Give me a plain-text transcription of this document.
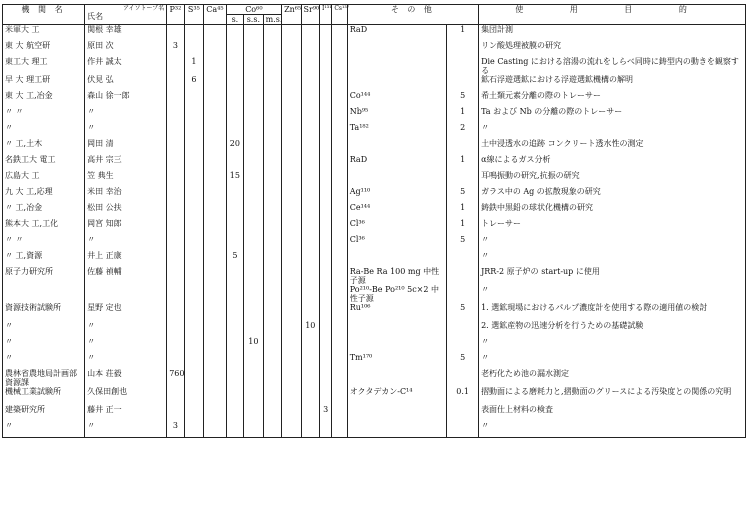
機 関 名	アイソトープ名
氏名	P³²	S³⁵	Ca⁴⁵	Co⁶⁰			Zn⁶⁵	Sr⁹⁰	I¹³¹	Cs¹³⁷	そ の 他		使 用 目 的
					s.	s.s.	m.s.							
米軍大 工	関根 幸雄											RaD	1	集団計測
東 大 航空研	原田 次	3												リン酸処理被膜の研究
東工大 理工	作井 誠太		1											Die Casting における溶湯の流れをしらべ同時に鋳型内の動きを観察する
早 大 理工研	伏見 弘		6											鉱石浮遊選鉱における浮遊選鉱機構の解明
東 大 工,冶金	森山 徐一郎											Co¹⁴⁴	5	希土類元素分離の際のトレーサー
〃 〃	〃											Nb⁹⁵	1	Ta および Nb の分離の際のトレーサー
〃	〃											Ta¹⁸²	2	〃
〃 工,土木	岡田 清				20									土中浸透水の追跡 コンクリート透水性の測定
名鉄工大 電工	高井 宗三											RaD	1	α線によるガス分析
広島大 工	笠 典生				15									耳鳴振動の研究,抗振の研究
九 大 工,応理	米田 幸治											Ag¹¹⁰	5	ガラス中の Ag の拡散現象の研究
〃 工,冶金	松田 公扶											Ce¹⁴⁴	1	鋳鉄中黒鉛の球状化機構の研究
熊本大 工,工化	岡宮 知郎											Cl³⁶	1	トレーサー
〃 〃	〃											Cl³⁶	5	〃
〃 工,資源	井上 正康				5									〃
原子力研究所	佐藤 禎輔											Ra-Be Ra 100 mg 中性子源		JRR-2 原子炉の start-up に使用
												Po²¹⁰-Be Po²¹⁰ 5c×2 中性子源		〃
資源技術試験所	星野 定也											Ru¹⁰⁶	5	1. 選鉱現場におけるパルプ濃度計を使用する際の適用値の検討
〃	〃								10					2. 選鉱産物の迅速分析を行うための基礎試験
〃	〃					10								〃
〃	〃											Tm¹⁷⁰	5	〃
農林省農地局計画部 資源課	山本 荘毅	760												老朽化ため池の漏水測定
機械工業試験所	久保田創也											オクタデカン-C¹⁴	0.1	摺動面による磨耗力と,摺動面のグリースによる汚染度との関係の究明
建築研究所	藤井 正一									3				表面仕上材料の検査
〃	〃	3												〃
